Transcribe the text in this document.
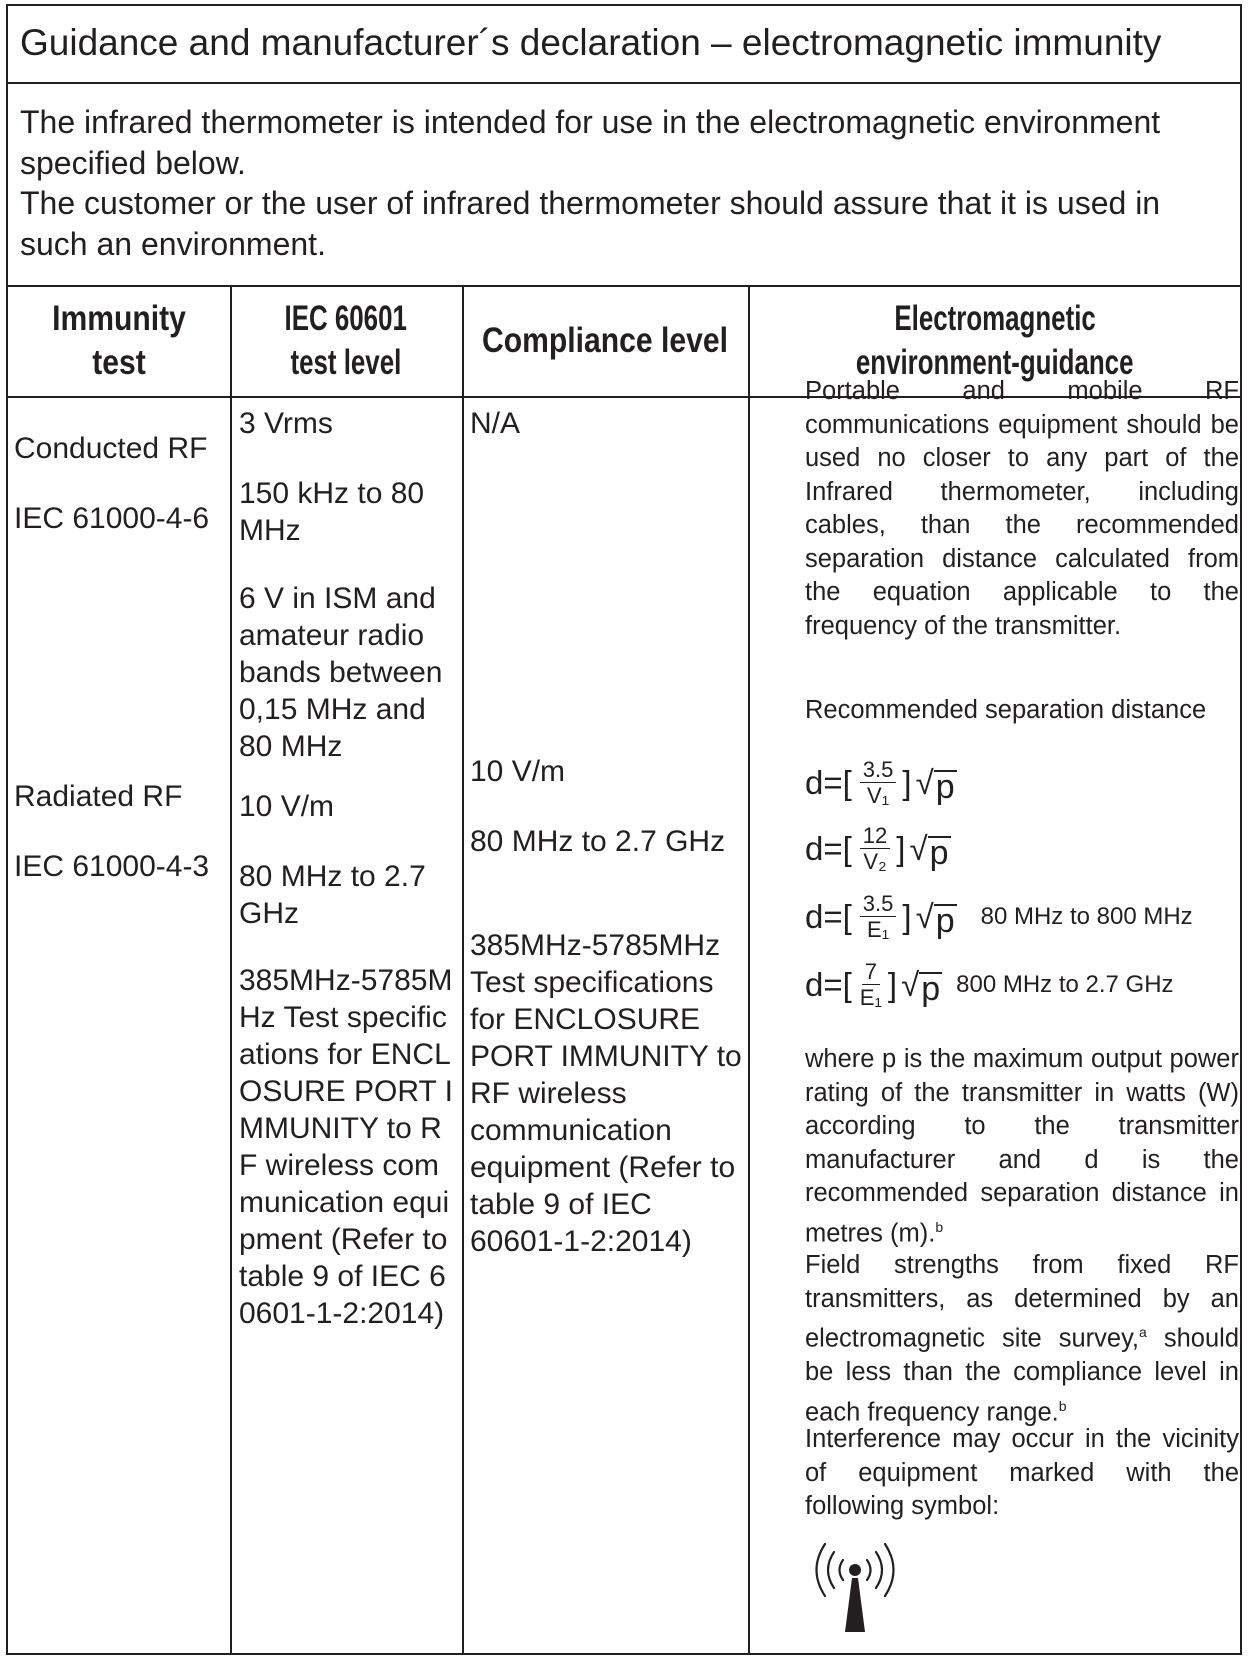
Guidance and manufacturer´s declaration – electromagnetic immunity

The infrared thermometer is intended for use in the electromagnetic environment specified below.

The customer or the user of infrared thermometer should assure that it is used in such an environment.

Immunity test
IEC 60601
test level
Compliance level
Electromagnetic
environment-guidance

Conducted RF

IEC 61000-4-6

Radiated RF

IEC 61000-4-3

3 Vrms

150 kHz to 80 MHz

6 V in ISM and amateur radio bands between 0,15 MHz and 80 MHz

10 V/m

80 MHz to 2.7 GHz

385MHz-5785MHz Test specifications for ENCLOSURE PORT IMMUNITY to RF wireless communication equipment (Refer to table 9 of IEC 60601-1-2:2014)

N/A

10 V/m

80 MHz to 2.7 GHz

385MHz-5785MHz Test specifications for ENCLOSURE PORT IMMUNITY to RF wireless communication equipment (Refer to table 9 of IEC 60601-1-2:2014)

Portable and mobile RF communications equipment should be used no closer to any part of the Infrared thermometer, including cables, than the recommended separation distance calculated from the equation applicable to the frequency of the transmitter.

Recommended separation distance

$d=[ \frac{3.5}{\text{V₁}}$ ] √ p
$d=[ \frac{12}{\text{V₂}}$ ] √ p
$d=[ \frac{3.5}{\text{E₁}}$ ] √ p 80 MHz to 800 MHz
$d=[ \frac{7}{\text{E₁}}$ ] √ p 800 MHz to 2.7 GHz

where p is the maximum output power rating of the transmitter in watts (W) according to the transmitter manufacturer and d is the recommended separation distance in metres (m).$^b$

Field strengths from fixed RF transmitters, as determined by an electromagnetic site survey,$^a$ should be less than the compliance level in each frequency range.$^b$

Interference may occur in the vicinity of equipment marked with the following symbol:
